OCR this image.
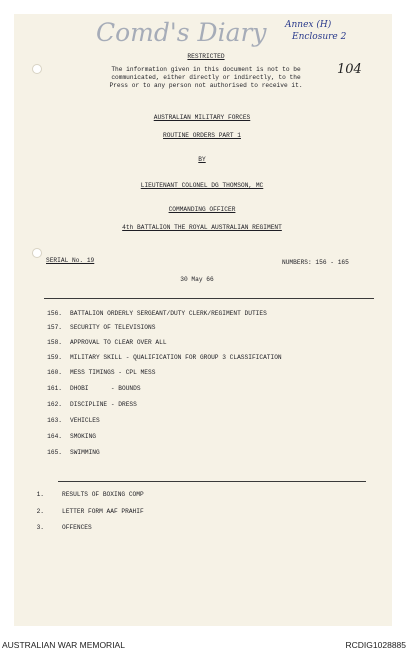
Comd's Diary Annex (H)
Enclosure 2
104
RESTRICTED
The information given in this document is not to be
communicated, either directly or indirectly, to the
Press or to any person not authorised to receive it.
AUSTRALIAN MILITARY FORCES
ROUTINE ORDERS PART 1
BY
LIEUTENANT COLONEL DG THOMSON, MC
COMMANDING OFFICER
4th BATTALION THE ROYAL AUSTRALIAN REGIMENT
SERIAL No. 19	NUMBERS: 156 - 165
30 May 66
156. BATTALION ORDERLY SERGEANT/DUTY CLERK/REGIMENT DUTIES
157. SECURITY OF TELEVISIONS
158. APPROVAL TO CLEAR OVER ALL
159. MILITARY SKILL - QUALIFICATION FOR GROUP 3 CLASSIFICATION
160. MESS TIMINGS - CPL MESS
161. DHOBI      - BOUNDS
162. DISCIPLINE - DRESS
163. VEHICLES
164. SMOKING
165. SWIMMING
1.	RESULTS OF BOXING COMP
2.	LETTER FORM AAF PRAHIF
3.	OFFENCES
AUSTRALIAN WAR MEMORIAL	RCDIG1028885
